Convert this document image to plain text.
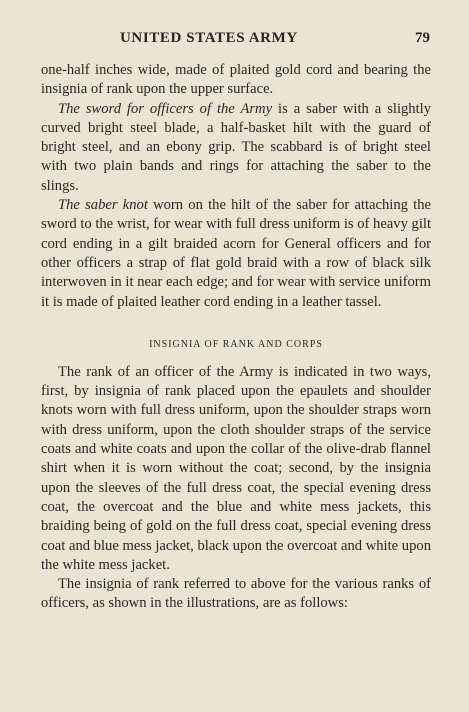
UNITED STATES ARMY	79

one-half inches wide, made of plaited gold cord and bearing the insignia of rank upon the upper surface.

The sword for officers of the Army is a saber with a slightly curved bright steel blade, a half-basket hilt with the guard of bright steel, and an ebony grip. The scabbard is of bright steel with two plain bands and rings for attaching the saber to the slings.

The saber knot worn on the hilt of the saber for attaching the sword to the wrist, for wear with full dress uniform is of heavy gilt cord ending in a gilt braided acorn for General officers and for other officers a strap of flat gold braid with a row of black silk interwoven in it near each edge; and for wear with service uniform it is made of plaited leather cord ending in a leather tassel.

INSIGNIA OF RANK AND CORPS

The rank of an officer of the Army is indicated in two ways, first, by insignia of rank placed upon the epaulets and shoulder knots worn with full dress uniform, upon the shoulder straps worn with dress uniform, upon the cloth shoulder straps of the service coats and white coats and upon the collar of the olive-drab flannel shirt when it is worn without the coat; second, by the insignia upon the sleeves of the full dress coat, the special evening dress coat, the overcoat and the blue and white mess jackets, this braiding being of gold on the full dress coat, special evening dress coat and blue mess jacket, black upon the overcoat and white upon the white mess jacket.

The insignia of rank referred to above for the various ranks of officers, as shown in the illustrations, are as follows:
